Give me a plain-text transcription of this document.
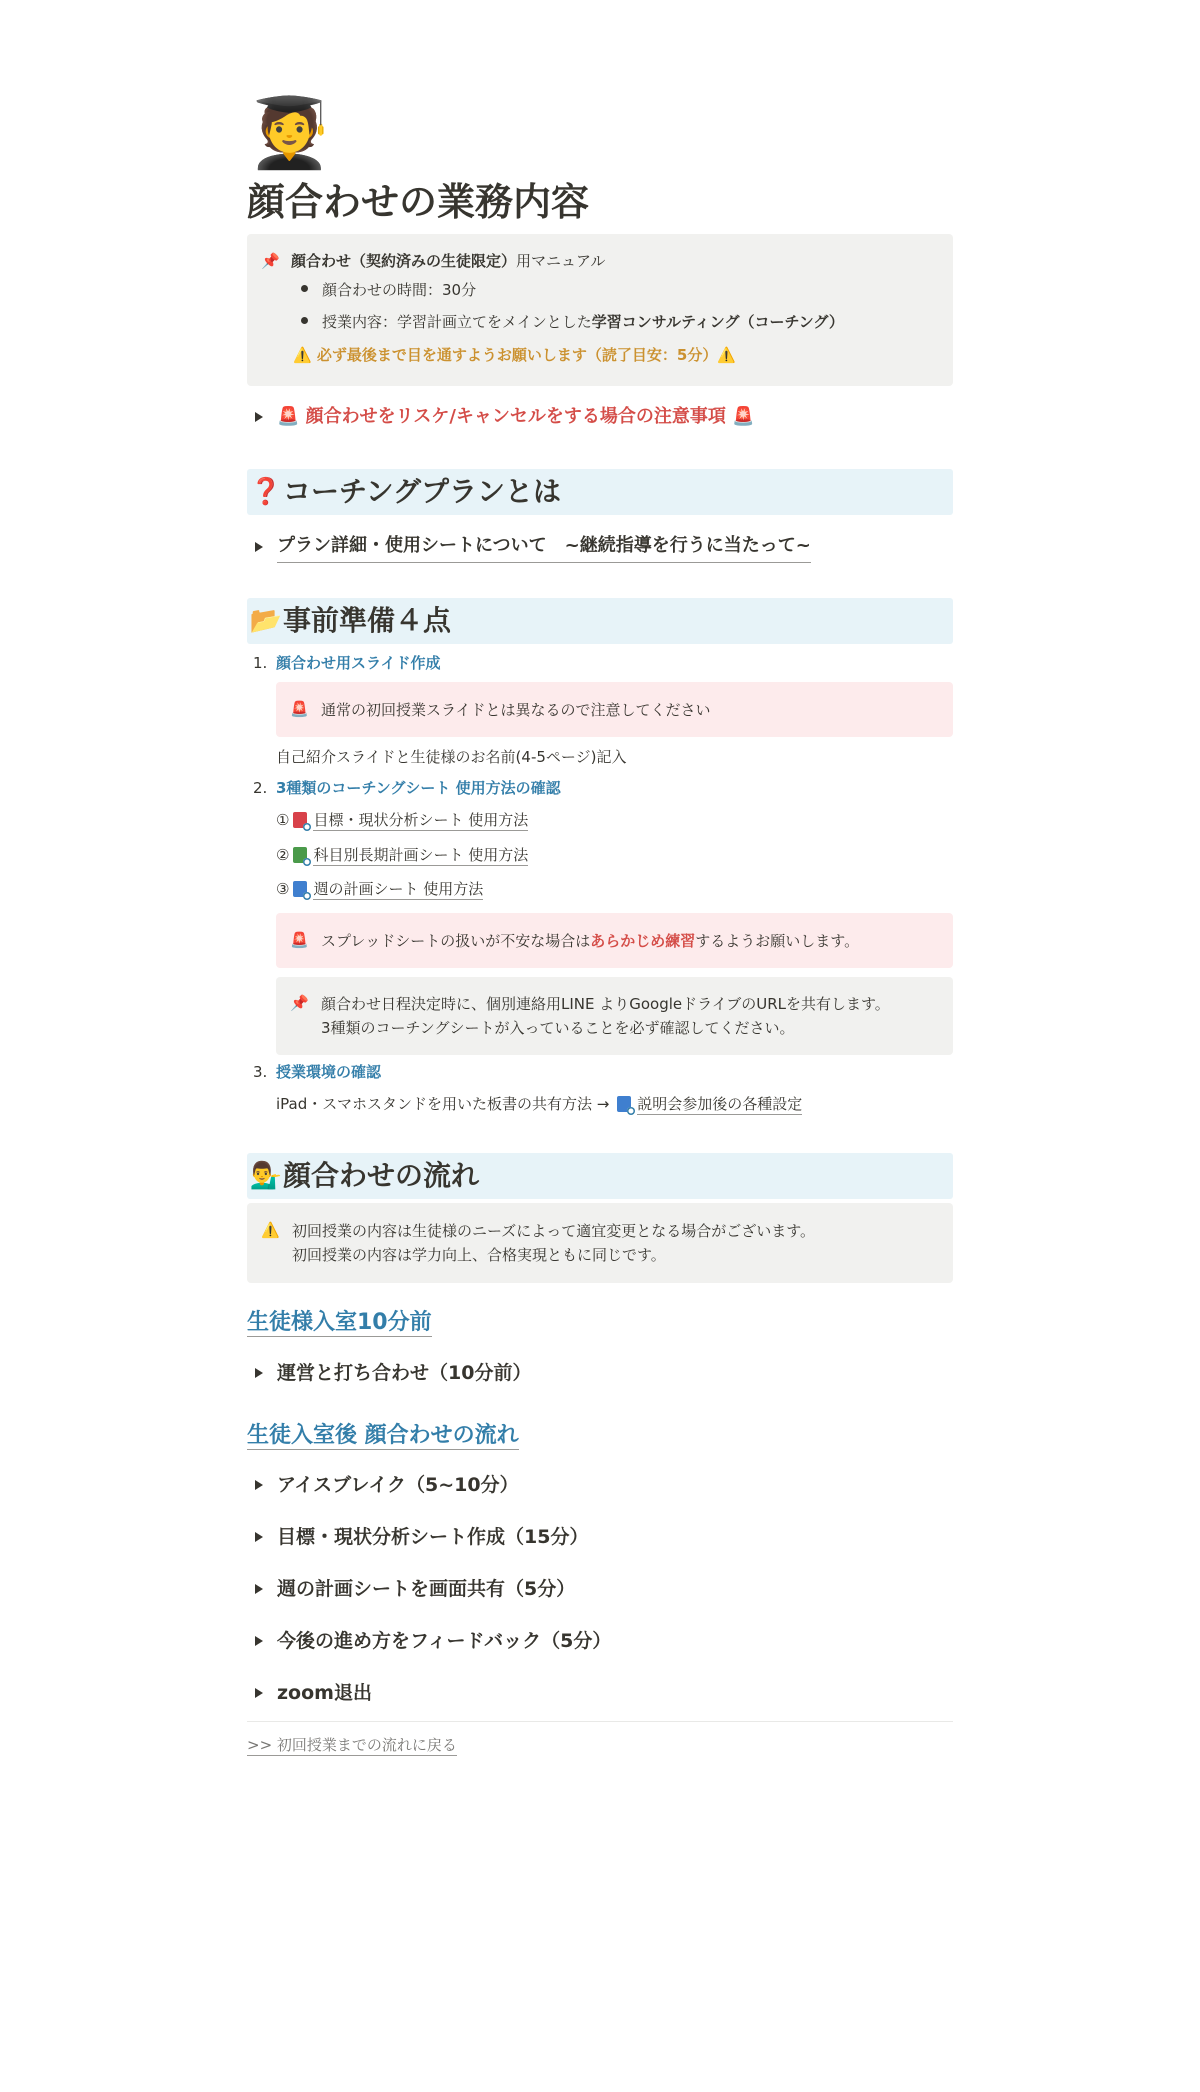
🧑‍🎓
顔合わせの業務内容
📌 顔合わせ（契約済みの生徒限定）用マニュアル
顔合わせの時間：30分
授業内容：学習計画立てをメインとした学習コンサルティング（コーチング）
⚠️ 必ず最後まで目を通すようお願いします（読了目安：5分）⚠️
🚨 顔合わせをリスケ/キャンセルをする場合の注意事項 🚨
❓ コーチングプランとは
プラン詳細・使用シートについて　~継続指導を行うに当たって~
📂 事前準備４点
1. 顔合わせ用スライド作成
🚨 通常の初回授業スライドとは異なるので注意してください
自己紹介スライドと生徒様のお名前(4-5ページ)記入
2. 3種類のコーチングシート 使用方法の確認
① 目標・現状分析シート 使用方法
② 科目別長期計画シート 使用方法
③ 週の計画シート 使用方法
🚨 スプレッドシートの扱いが不安な場合はあらかじめ練習するようお願いします。
📌 顔合わせ日程決定時に、個別連絡用LINE よりGoogleドライブのURLを共有します。
3種類のコーチングシートが入っていることを必ず確認してください。
3. 授業環境の確認
iPad・スマホスタンドを用いた板書の共有方法 → 説明会参加後の各種設定
💁‍♂️ 顔合わせの流れ
⚠️ 初回授業の内容は生徒様のニーズによって適宜変更となる場合がございます。
初回授業の内容は学力向上、合格実現ともに同じです。
生徒様入室10分前
運営と打ち合わせ（10分前）
生徒入室後 顔合わせの流れ
アイスブレイク（5~10分）
目標・現状分析シート作成（15分）
週の計画シートを画面共有（5分）
今後の進め方をフィードバック（5分）
zoom退出
>> 初回授業までの流れに戻る
